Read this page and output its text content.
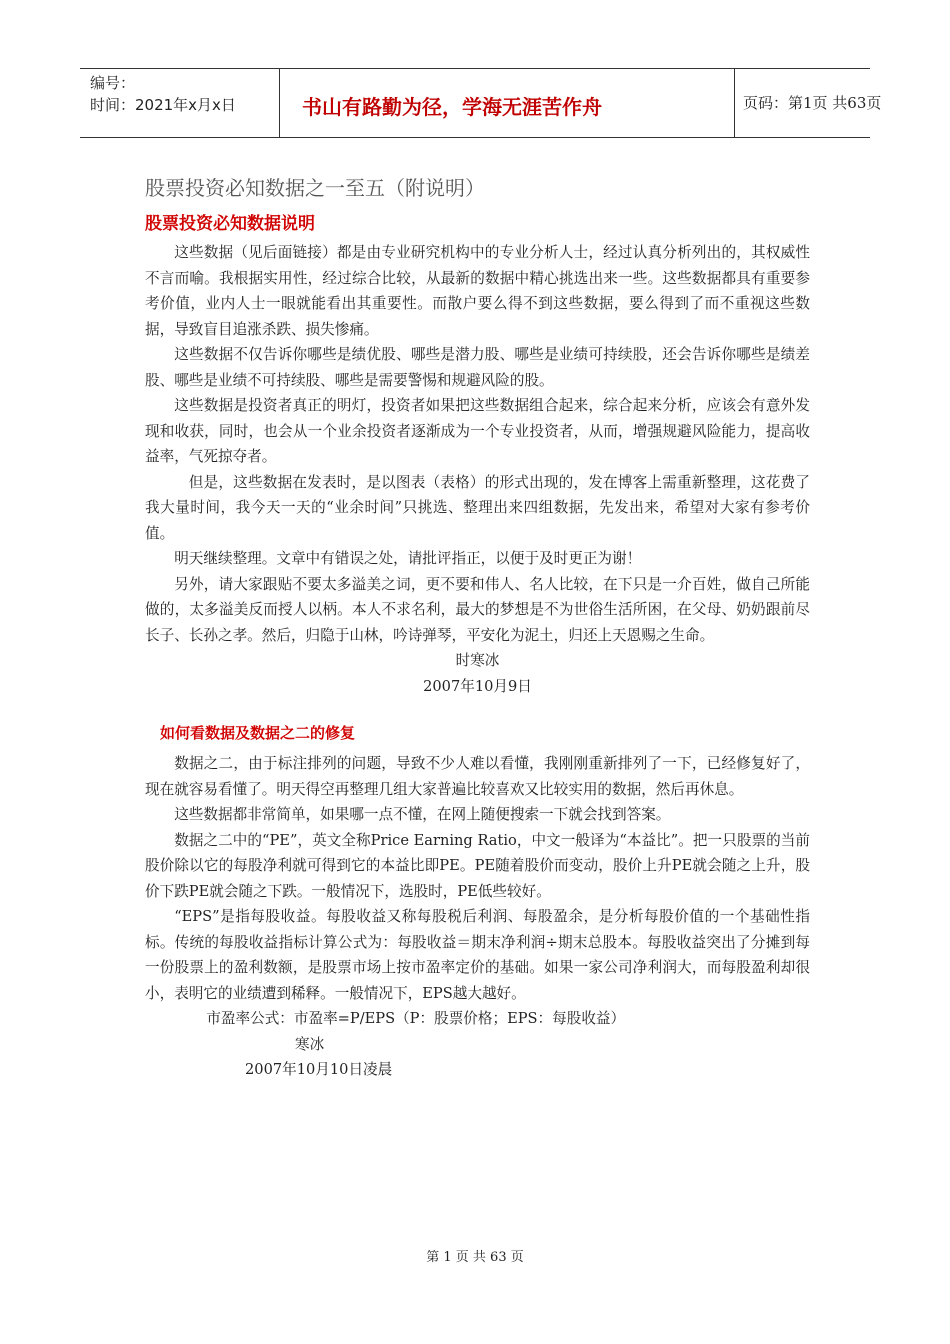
编号：
时间：2021年x月x日	书山有路勤为径，学海无涯苦作舟	页码：第1页 共63页
股票投资必知数据之一至五（附说明）
股票投资必知数据说明

这些数据（见后面链接）都是由专业研究机构中的专业分析人士，经过认真分析列出的，其权威性不言而喻。我根据实用性，经过综合比较，从最新的数据中精心挑选出来一些。这些数据都具有重要参考价值，业内人士一眼就能看出其重要性。而散户要么得不到这些数据，要么得到了而不重视这些数据，导致盲目追涨杀跌、损失惨痛。

这些数据不仅告诉你哪些是绩优股、哪些是潜力股、哪些是业绩可持续股，还会告诉你哪些是绩差股、哪些是业绩不可持续股、哪些是需要警惕和规避风险的股。

这些数据是投资者真正的明灯，投资者如果把这些数据组合起来，综合起来分析，应该会有意外发现和收获，同时，也会从一个业余投资者逐渐成为一个专业投资者，从而，增强规避风险能力，提高收益率，气死掠夺者。

但是，这些数据在发表时，是以图表（表格）的形式出现的，发在博客上需重新整理，这花费了我大量时间，我今天一天的“业余时间”只挑选、整理出来四组数据，先发出来，希望对大家有参考价值。

明天继续整理。文章中有错误之处，请批评指正，以便于及时更正为谢！

另外，请大家跟贴不要太多溢美之词，更不要和伟人、名人比较，在下只是一介百姓，做自己所能做的，太多溢美反而授人以柄。本人不求名利，最大的梦想是不为世俗生活所困，在父母、奶奶跟前尽长子、长孙之孝。然后，归隐于山林，吟诗弹琴，平安化为泥土，归还上天恩赐之生命。

时寒冰

2007年10月9日

如何看数据及数据之二的修复

数据之二，由于标注排列的问题，导致不少人难以看懂，我刚刚重新排列了一下，已经修复好了，现在就容易看懂了。明天得空再整理几组大家普遍比较喜欢又比较实用的数据，然后再休息。

这些数据都非常简单，如果哪一点不懂，在网上随便搜索一下就会找到答案。

数据之二中的“PE”，英文全称Price Earning Ratio，中文一般译为“本益比”。把一只股票的当前股价除以它的每股净利就可得到它的本益比即PE。PE随着股价而变动，股价上升PE就会随之上升，股价下跌PE就会随之下跌。一般情况下，选股时，PE低些较好。

“EPS”是指每股收益。每股收益又称每股税后利润、每股盈余，是分析每股价值的一个基础性指标。传统的每股收益指标计算公式为：每股收益＝期末净利润÷期末总股本。每股收益突出了分摊到每一份股票上的盈利数额，是股票市场上按市盈率定价的基础。如果一家公司净利润大，而每股盈利却很小，表明它的业绩遭到稀释。一般情况下，EPS越大越好。

市盈率公式：市盈率=P/EPS（P：股票价格；EPS：每股收益）

寒冰

2007年10月10日凌晨

第 1 页 共 63 页
